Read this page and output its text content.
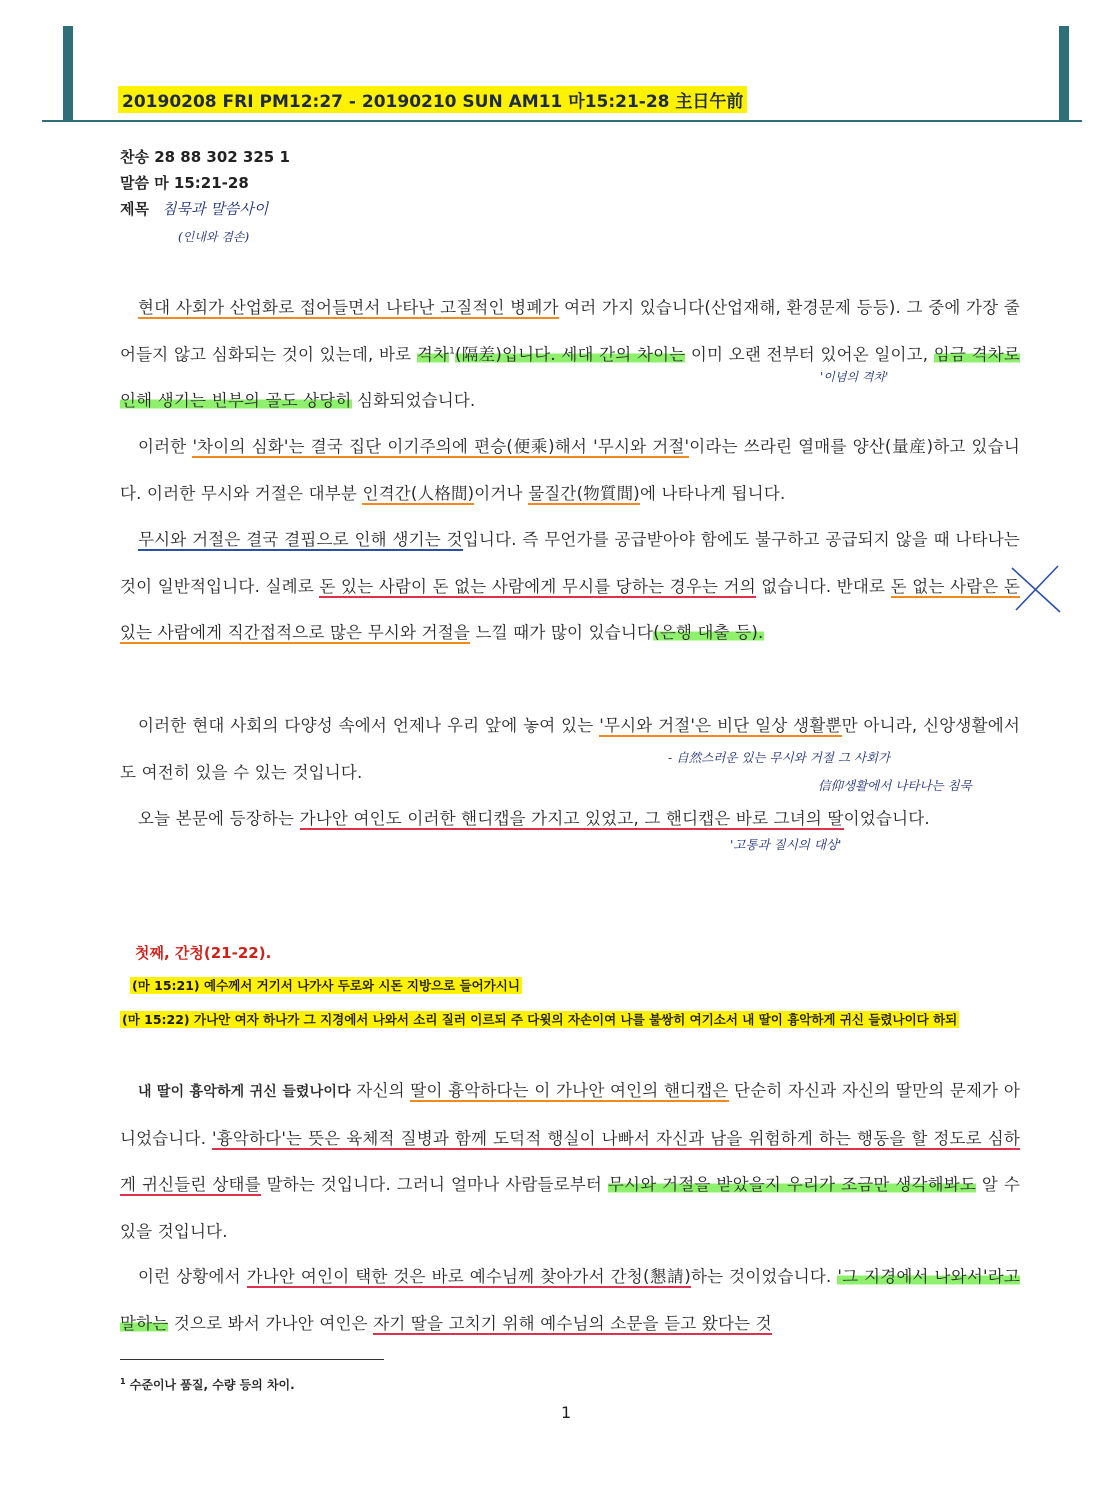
20190208 FRI PM12:27 - 20190210 SUN AM11 마15:21-28 主日午前
찬송 28 88 302 325 1
말씀 마 15:21-28
제목 침묵과 말씀사이
(인내와 겸손)

현대 사회가 산업화로 접어들면서 나타난 고질적인 병폐가 여러 가지 있습니다(산업재해, 환경문제 등등). 그 중에 가장 줄어들지 않고 심화되는 것이 있는데, 바로 격차$^1$(隔差)입니다. 세대 간의 차이는 이미 오랜 전부터 있어온 일이고, 임금 격차로 인해 생기는 빈부의 골도 상당히 심화되었습니다.

'이념의 격차'

이러한 '차이의 심화'는 결국 집단 이기주의에 편승(便乘)해서 '무시와 거절'이라는 쓰라린 열매를 양산(量産)하고 있습니다. 이러한 무시와 거절은 대부분 인격간(人格間)이거나 물질간(物質間)에 나타나게 됩니다.

무시와 거절은 결국 결핍으로 인해 생기는 것입니다. 즉 무언가를 공급받아야 함에도 불구하고 공급되지 않을 때 나타나는 것이 일반적입니다. 실례로 돈 있는 사람이 돈 없는 사람에게 무시를 당하는 경우는 거의 없습니다. 반대로 돈 없는 사람은 돈 있는 사람에게 직간접적으로 많은 무시와 거절을 느낄 때가 많이 있습니다(은행 대출 등).

이러한 현대 사회의 다양성 속에서 언제나 우리 앞에 놓여 있는 '무시와 거절'은 비단 일상 생활뿐만 아니라, 신앙생활에서도 여전히 있을 수 있는 것입니다.

- 自然스러운 있는 무시와 거절 그 사회가
信仰생활에서 나타나는 침묵

오늘 본문에 등장하는 가나안 여인도 이러한 핸디캡을 가지고 있었고, 그 핸디캡은 바로 그녀의 딸이었습니다.

'고통과 질시의 대상'
첫째, 간청(21-22).

(마 15:21) 예수께서 거기서 나가사 두로와 시돈 지방으로 들어가시니

(마 15:22) 가나안 여자 하나가 그 지경에서 나와서 소리 질러 이르되 주 다윗의 자손이여 나를 불쌍히 여기소서 내 딸이 흉악하게 귀신 들렸나이다 하되

내 딸이 흉악하게 귀신 들렸나이다 자신의 딸이 흉악하다는 이 가나안 여인의 핸디캡은 단순히 자신과 자신의 딸만의 문제가 아니었습니다. '흉악하다'는 뜻은 육체적 질병과 함께 도덕적 행실이 나빠서 자신과 남을 위험하게 하는 행동을 할 정도로 심하게 귀신들린 상태를 말하는 것입니다. 그러니 얼마나 사람들로부터 무시와 거절을 받았을지 우리가 조금만 생각해봐도 알 수 있을 것입니다.

이런 상황에서 가나안 여인이 택한 것은 바로 예수님께 찾아가서 간청(懇請)하는 것이었습니다. '그 지경에서 나와서'라고 말하는 것으로 봐서 가나안 여인은 자기 딸을 고치기 위해 예수님의 소문을 듣고 왔다는 것

$^1$ 수준이나 품질, 수량 등의 차이.
1
